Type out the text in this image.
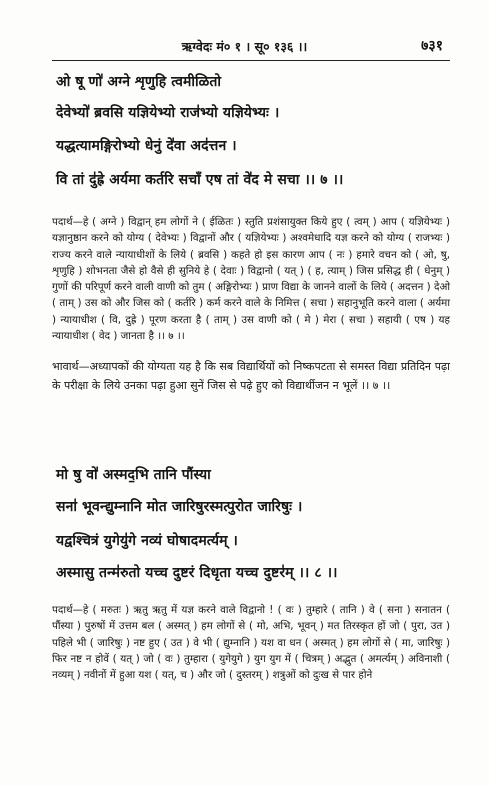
ऋग्वेदः मं० १ । सू० १३६ ।।	७३१
ओ षू णो॑ अग्ने शृणुहि त्वमीळितो
देवेभ्यो॑ ब्रवसि यज्ञियेभ्यो राज॑भ्यो यज्ञियेभ्यः ।
यद्धत्यामङ्गिरोभ्यो धेनुं दे॑वा अद॑त्तन ।
वि तां दु॑ह्रे अर्यमा कर्तरि सचाँ एष तां वे॑द मे सचा ।। ७ ।।

पदार्थ—हे ( अग्ने ) विद्वान् हम लोगों ने ( ईळितः ) स्तुति प्रशंसायुक्त किये हुए ( त्वम् ) आप ( यज्ञियेभ्यः ) यज्ञानुष्ठान करने को योग्य ( देवेभ्यः ) विद्वानों और ( यज्ञियेभ्यः ) अश्वमेधादि यज्ञ करने को योग्य ( राजभ्यः ) राज्य करने वाले न्यायाधीशों के लिये ( ब्रवसि ) कहते हो इस कारण आप ( नः ) हमारे वचन को ( ओ, षु, शृणुहि ) शोभनता जैसे हो वैसे ही सुनिये हे ( देवाः ) विद्वानो ( यत् ) ( ह, त्याम् ) जिस प्रसिद्ध ही ( धेनुम् ) गुणों की परिपूर्ण करने वाली वाणी को तुम ( अङ्गिरोभ्यः ) प्राण विद्या के जानने वालों के लिये ( अदत्तन ) देओ ( ताम् ) उस को और जिस को ( कर्तरि ) कर्म करने वाले के निमित्त ( सचा ) सहानुभूति करने वाला ( अर्यमा ) न्यायाधीश ( वि, दुह्रे ) पूरण करता है ( ताम् ) उस वाणी को ( मे ) मेरा ( सचा ) सहायी ( एष ) यह न्यायाधीश ( वेद ) जानता है ।। ७ ।।

भावार्थ—अध्यापकों की योग्यता यह है कि सब विद्यार्थियों को निष्कपटता से समस्त विद्या प्रतिदिन पढ़ा के परीक्षा के लिये उनका पढ़ा हुआ सुनें जिस से पढ़े हुए को विद्यार्थीजन न भूलें ।। ७ ।।

मो षु वो॑ अस्मद॒भि तानि पौंस्या
सना॑ भूवन्द्युम्नानि मोत जारिषुरस्मत्पुरोत जारिषुः ।
यद्वश्चित्रं युगेयु॑गे नव्यं घोषादमर्त्यम् ।
अस्मासु तन्म॑रुतो यच्च दुष्टरं दिधृता यच्च दुष्टर॑म् ।। ८ ।।

पदार्थ—हे ( मरुतः ) ऋतु ऋतु में यज्ञ करने वाले विद्वानो ! ( वः ) तुम्हारे ( तानि ) वे ( सना ) सनातन ( पौंस्या ) पुरुषों में उत्तम बल ( अस्मत् ) हम लोगों से ( मो, अभि, भूवन् ) मत तिरस्कृत हों जो ( पुरा, उत ) पहिले भी ( जारिषुः ) नष्ट हुए ( उत ) वे भी ( द्युम्नानि ) यश वा धन ( अस्मत् ) हम लोगों से ( मा, जारिषुः ) फिर नष्ट न होवें ( यत् ) जो ( वः ) तुम्हारा ( युगेयुगे ) युग युग में ( चित्रम् ) अद्भुत ( अमर्त्यम् ) अविनाशी ( नव्यम् ) नवीनों में हुआ यश ( यत्, च ) और जो ( दुस्तरम् ) शत्रुओं को दुःख से पार होने
